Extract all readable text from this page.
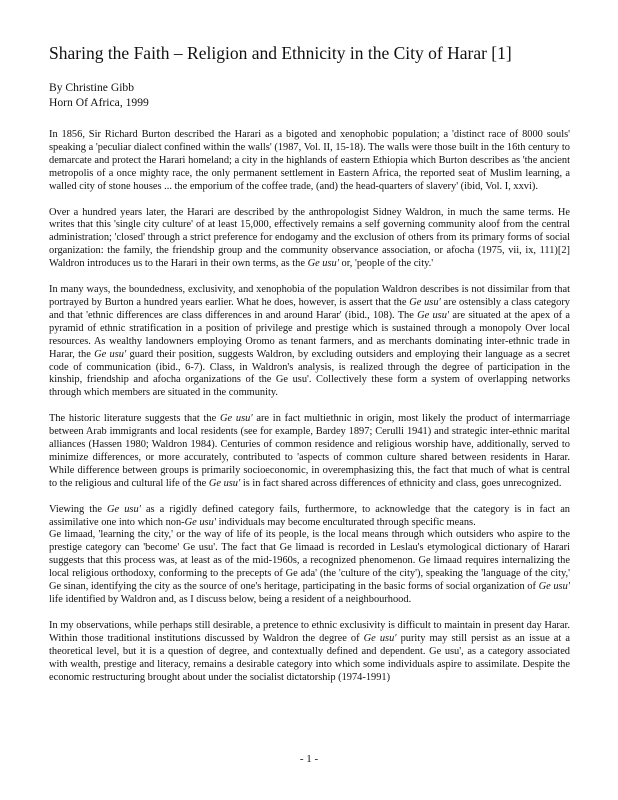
Sharing the Faith – Religion and Ethnicity in the City of Harar [1]
By Christine Gibb
Horn Of Africa, 1999

In 1856, Sir Richard Burton described the Harari as a bigoted and xenophobic population; a 'distinct race of 8000 souls' speaking a 'peculiar dialect confined within the walls' (1987, Vol. II, 15-18). The walls were those built in the 16th century to demarcate and protect the Harari homeland; a city in the highlands of eastern Ethiopia which Burton describes as 'the ancient metropolis of a once mighty race, the only permanent settlement in Eastern Africa, the reported seat of Muslim learning, a walled city of stone houses ... the emporium of the coffee trade, (and) the head-quarters of slavery' (ibid, Vol. I, xxvi).

Over a hundred years later, the Harari are described by the anthropologist Sidney Waldron, in much the same terms. He writes that this 'single city culture' of at least 15,000, effectively remains a self governing community aloof from the central administration; 'closed' through a strict preference for endogamy and the exclusion of others from its primary forms of social organization: the family, the friendship group and the community observance association, or afocha (1975, vii, ix, 111)[2] Waldron introduces us to the Harari in their own terms, as the Ge usu' or, 'people of the city.'

In many ways, the boundedness, exclusivity, and xenophobia of the population Waldron describes is not dissimilar from that portrayed by Burton a hundred years earlier. What he does, however, is assert that the Ge usu' are ostensibly a class category and that 'ethnic differences are class differences in and around Harar' (ibid., 108). The Ge usu' are situated at the apex of a pyramid of ethnic stratification in a position of privilege and prestige which is sustained through a monopoly Over local resources. As wealthy landowners employing Oromo as tenant farmers, and as merchants dominating inter-ethnic trade in Harar, the Ge usu' guard their position, suggests Waldron, by excluding outsiders and employing their language as a secret code of communication (ibid., 6-7). Class, in Waldron's analysis, is realized through the degree of participation in the kinship, friendship and afocha organizations of the Ge usu'. Collectively these form a system of overlapping networks through which members are situated in the community.

The historic literature suggests that the Ge usu' are in fact multiethnic in origin, most likely the product of intermarriage between Arab immigrants and local residents (see for example, Bardey 1897; Cerulli 1941) and strategic inter-ethnic marital alliances (Hassen 1980; Waldron 1984). Centuries of common residence and religious worship have, additionally, served to minimize differences, or more accurately, contributed to 'aspects of common culture shared between residents in Harar. While difference between groups is primarily socioeconomic, in overemphasizing this, the fact that much of what is central to the religious and cultural life of the Ge usu' is in fact shared across differences of ethnicity and class, goes unrecognized.

Viewing the Ge usu' as a rigidly defined category fails, furthermore, to acknowledge that the category is in fact an assimilative one into which non-Ge usu' individuals may become enculturated through specific means.

Ge limaad, 'learning the city,' or the way of life of its people, is the local means through which outsiders who aspire to the prestige category can 'become' Ge usu'. The fact that Ge limaad is recorded in Leslau's etymological dictionary of Harari suggests that this process was, at least as of the mid-1960s, a recognized phenomenon. Ge limaad requires internalizing the local religious orthodoxy, conforming to the precepts of Ge ada' (the 'culture of the city'), speaking the 'language of the city,' Ge sinan, identifying the city as the source of one's heritage, participating in the basic forms of social organization of Ge usu' life identified by Waldron and, as I discuss below, being a resident of a neighbourhood.

In my observations, while perhaps still desirable, a pretence to ethnic exclusivity is difficult to maintain in present day Harar. Within those traditional institutions discussed by Waldron the degree of Ge usu' purity may still persist as an issue at a theoretical level, but it is a question of degree, and contextually defined and dependent. Ge usu', as a category associated with wealth, prestige and literacy, remains a desirable category into which some individuals aspire to assimilate. Despite the economic restructuring brought about under the socialist dictatorship (1974-1991)

- 1 -
